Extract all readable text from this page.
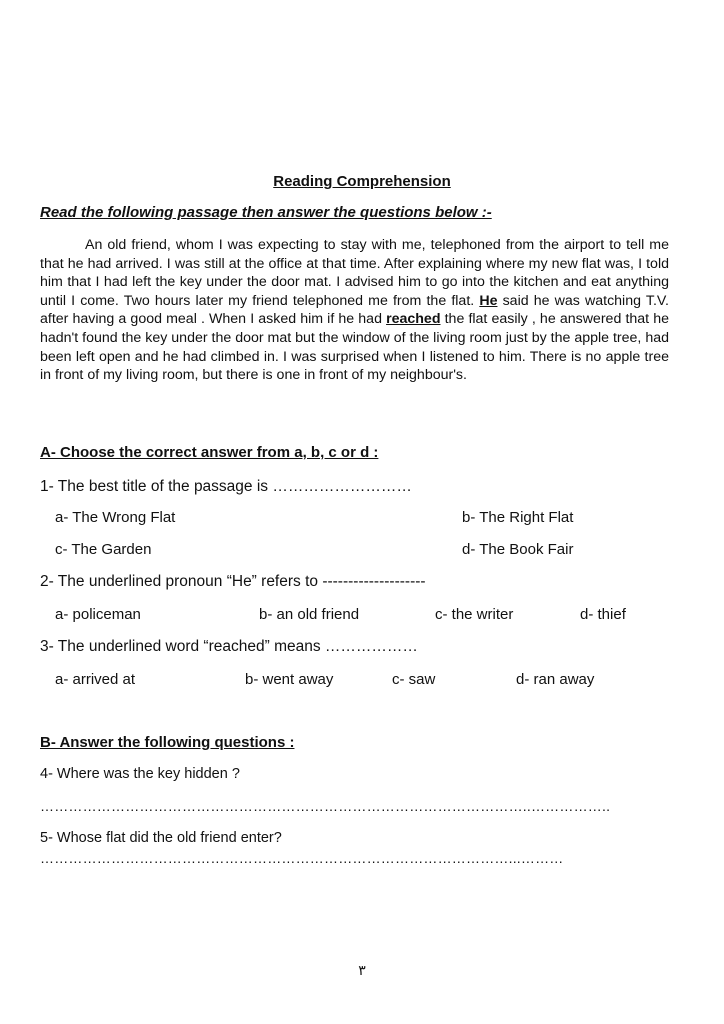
Reading Comprehension
Read the following passage then answer the questions below :-
An old friend, whom I was expecting to stay with me, telephoned from the airport to tell me that he had arrived. I was still at the office at that time. After explaining where my new flat was, I told him that I had left the key under the door mat. I advised him to go into the kitchen and eat anything until I come. Two hours later my friend telephoned me from the flat. He said he was watching T.V. after having a good meal . When I asked him if he had reached the flat easily , he answered that he hadn't found the key under the door mat but the window of the living room just by the apple tree, had been left open and he had climbed in. I was surprised when I listened to him. There is no apple tree in front of my living room, but there is one in front of my neighbour's.
A- Choose the correct answer from a, b, c or d :
1- The best title of the passage is ………………………
a- The Wrong Flat	b- The Right Flat
c- The Garden	d- The Book Fair
2- The underlined pronoun “He” refers to --------------------
a- policeman	b- an old friend	c- the writer	d- thief
3- The underlined word “reached” means ………………
a- arrived at	b- went away	c- saw	d- ran away
B- Answer the following questions :
4- Where was the key hidden ?
…………………………………………………………………………………………..……………..
5- Whose flat did the old friend enter?
………………………………………………………………………………………...………
٣
